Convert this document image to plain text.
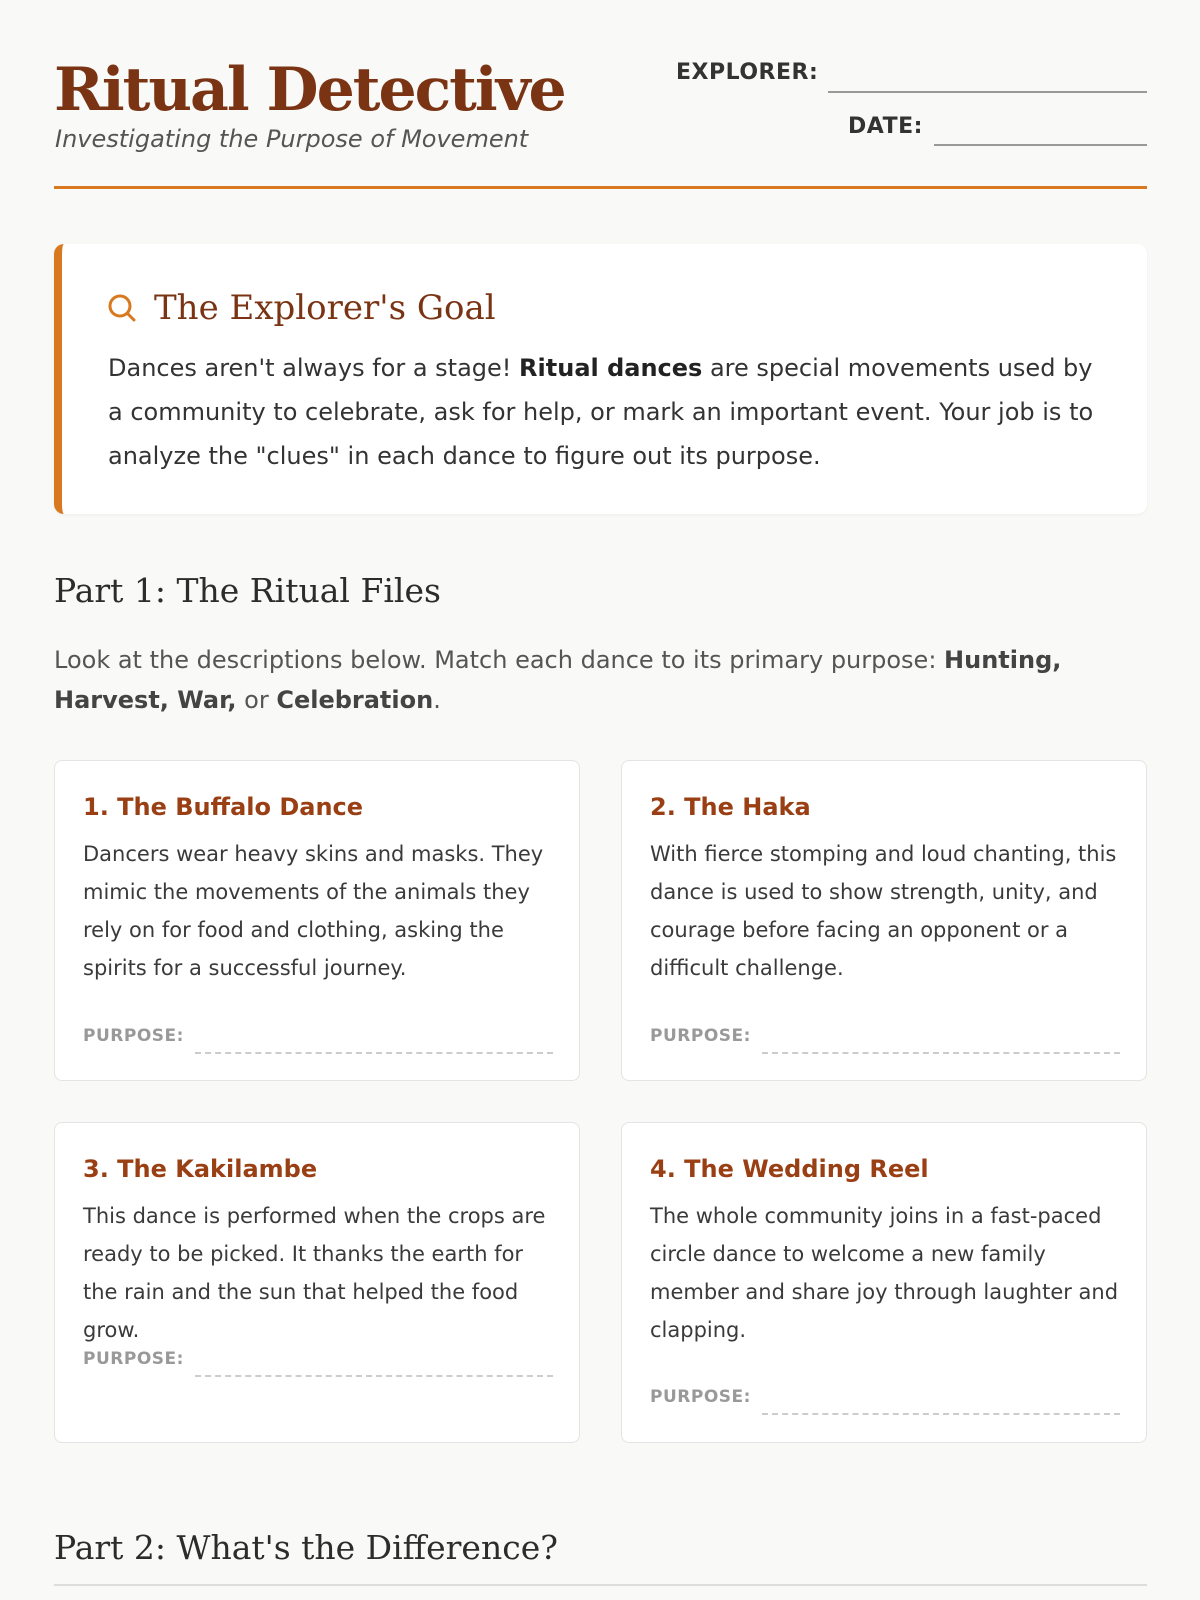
Ritual Detective
Investigating the Purpose of Movement
EXPLORER:
DATE:
The Explorer's Goal
Dances aren't always for a stage! Ritual dances are special movements used by a community to celebrate, ask for help, or mark an important event. Your job is to analyze the "clues" in each dance to figure out its purpose.
Part 1: The Ritual Files
Look at the descriptions below. Match each dance to its primary purpose: Hunting, Harvest, War, or Celebration.
1. The Buffalo Dance
Dancers wear heavy skins and masks. They mimic the movements of the animals they rely on for food and clothing, asking the spirits for a successful journey.
PURPOSE:
2. The Haka
With fierce stomping and loud chanting, this dance is used to show strength, unity, and courage before facing an opponent or a difficult challenge.
PURPOSE:
3. The Kakilambe
This dance is performed when the crops are ready to be picked. It thanks the earth for the rain and the sun that helped the food grow.
PURPOSE:
4. The Wedding Reel
The whole community joins in a fast-paced circle dance to welcome a new family member and share joy through laughter and clapping.
PURPOSE:
Part 2: What's the Difference?
